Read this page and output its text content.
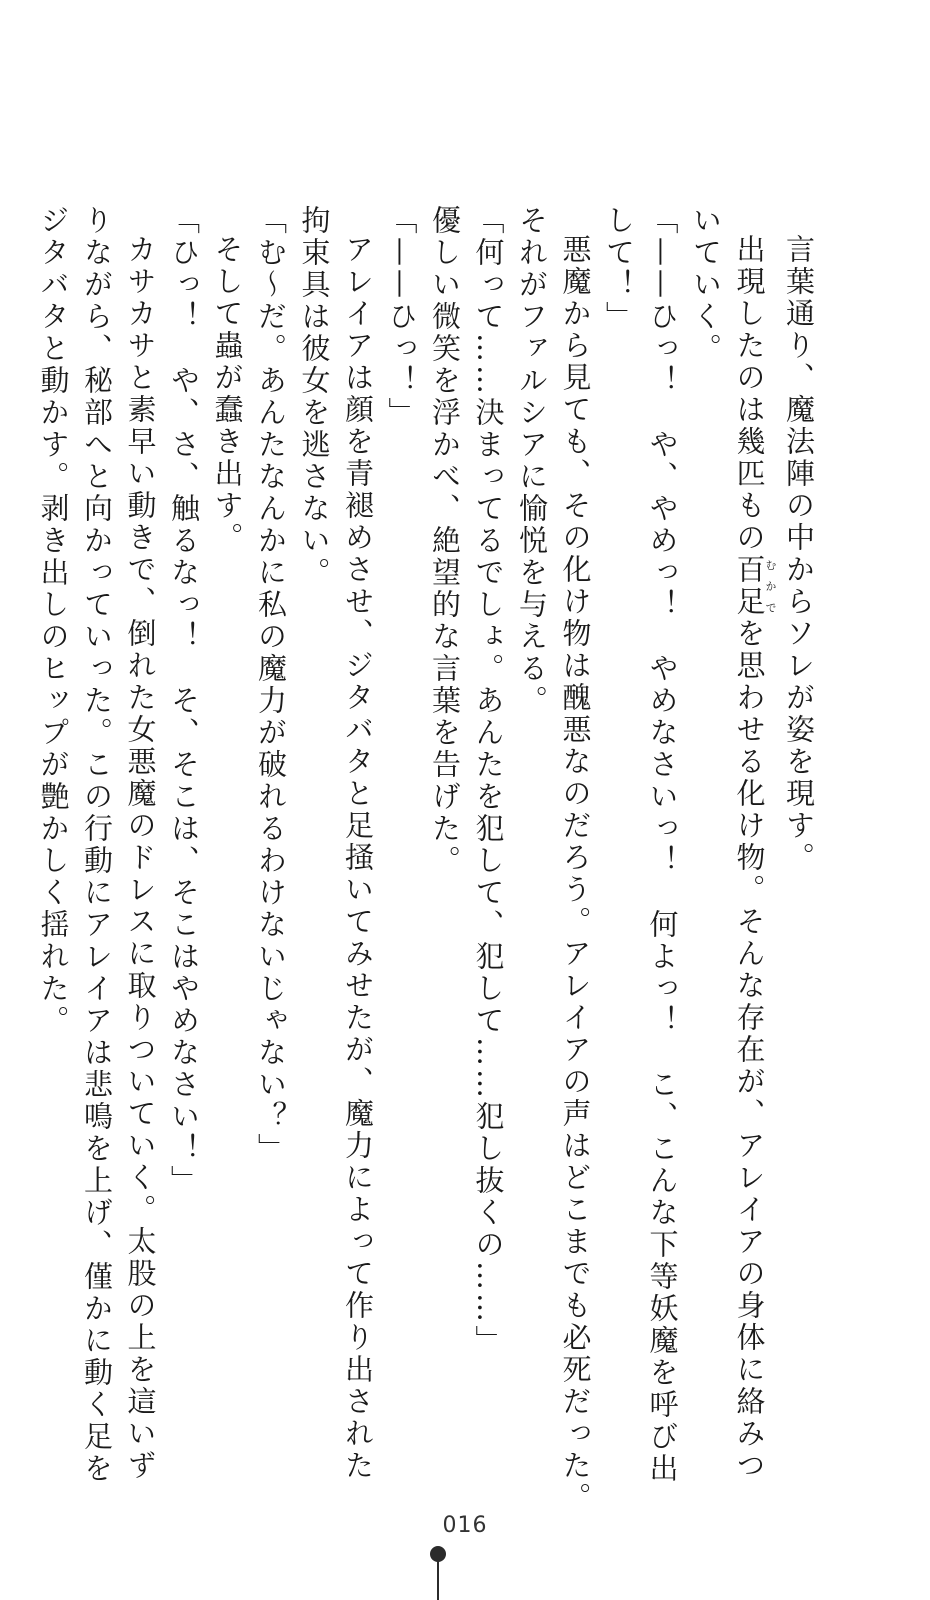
言葉通り、魔法陣の中からソレが姿を現す。
出現したのは幾匹もの百足むかでを思わせる化け物。そんな存在が、アレイアの身体に絡みつ
いていく。
「——ひっ！　や、やめっ！　やめなさいっ！　何よっ！　こ、こんな下等妖魔を呼び出
して！」
悪魔から見ても、その化け物は醜悪なのだろう。アレイアの声はどこまでも必死だった。
それがファルシアに愉悦を与える。
「何って……決まってるでしょ。あんたを犯して、犯して……犯し抜くの……」
優しい微笑を浮かべ、絶望的な言葉を告げた。
「——ひっ！」
アレイアは顔を青褪めさせ、ジタバタと足掻いてみせたが、魔力によって作り出された
拘束具は彼女を逃さない。
「む〜だ。あんたなんかに私の魔力が破れるわけないじゃない？」
そして蟲が蠢き出す。
「ひっ！　や、さ、触るなっ！　そ、そこは、そこはやめなさい！」
カサカサと素早い動きで、倒れた女悪魔のドレスに取りついていく。太股の上を這いず
りながら、秘部へと向かっていった。この行動にアレイアは悲鳴を上げ、僅かに動く足を
ジタバタと動かす。剥き出しのヒップが艶かしく揺れた。
016
